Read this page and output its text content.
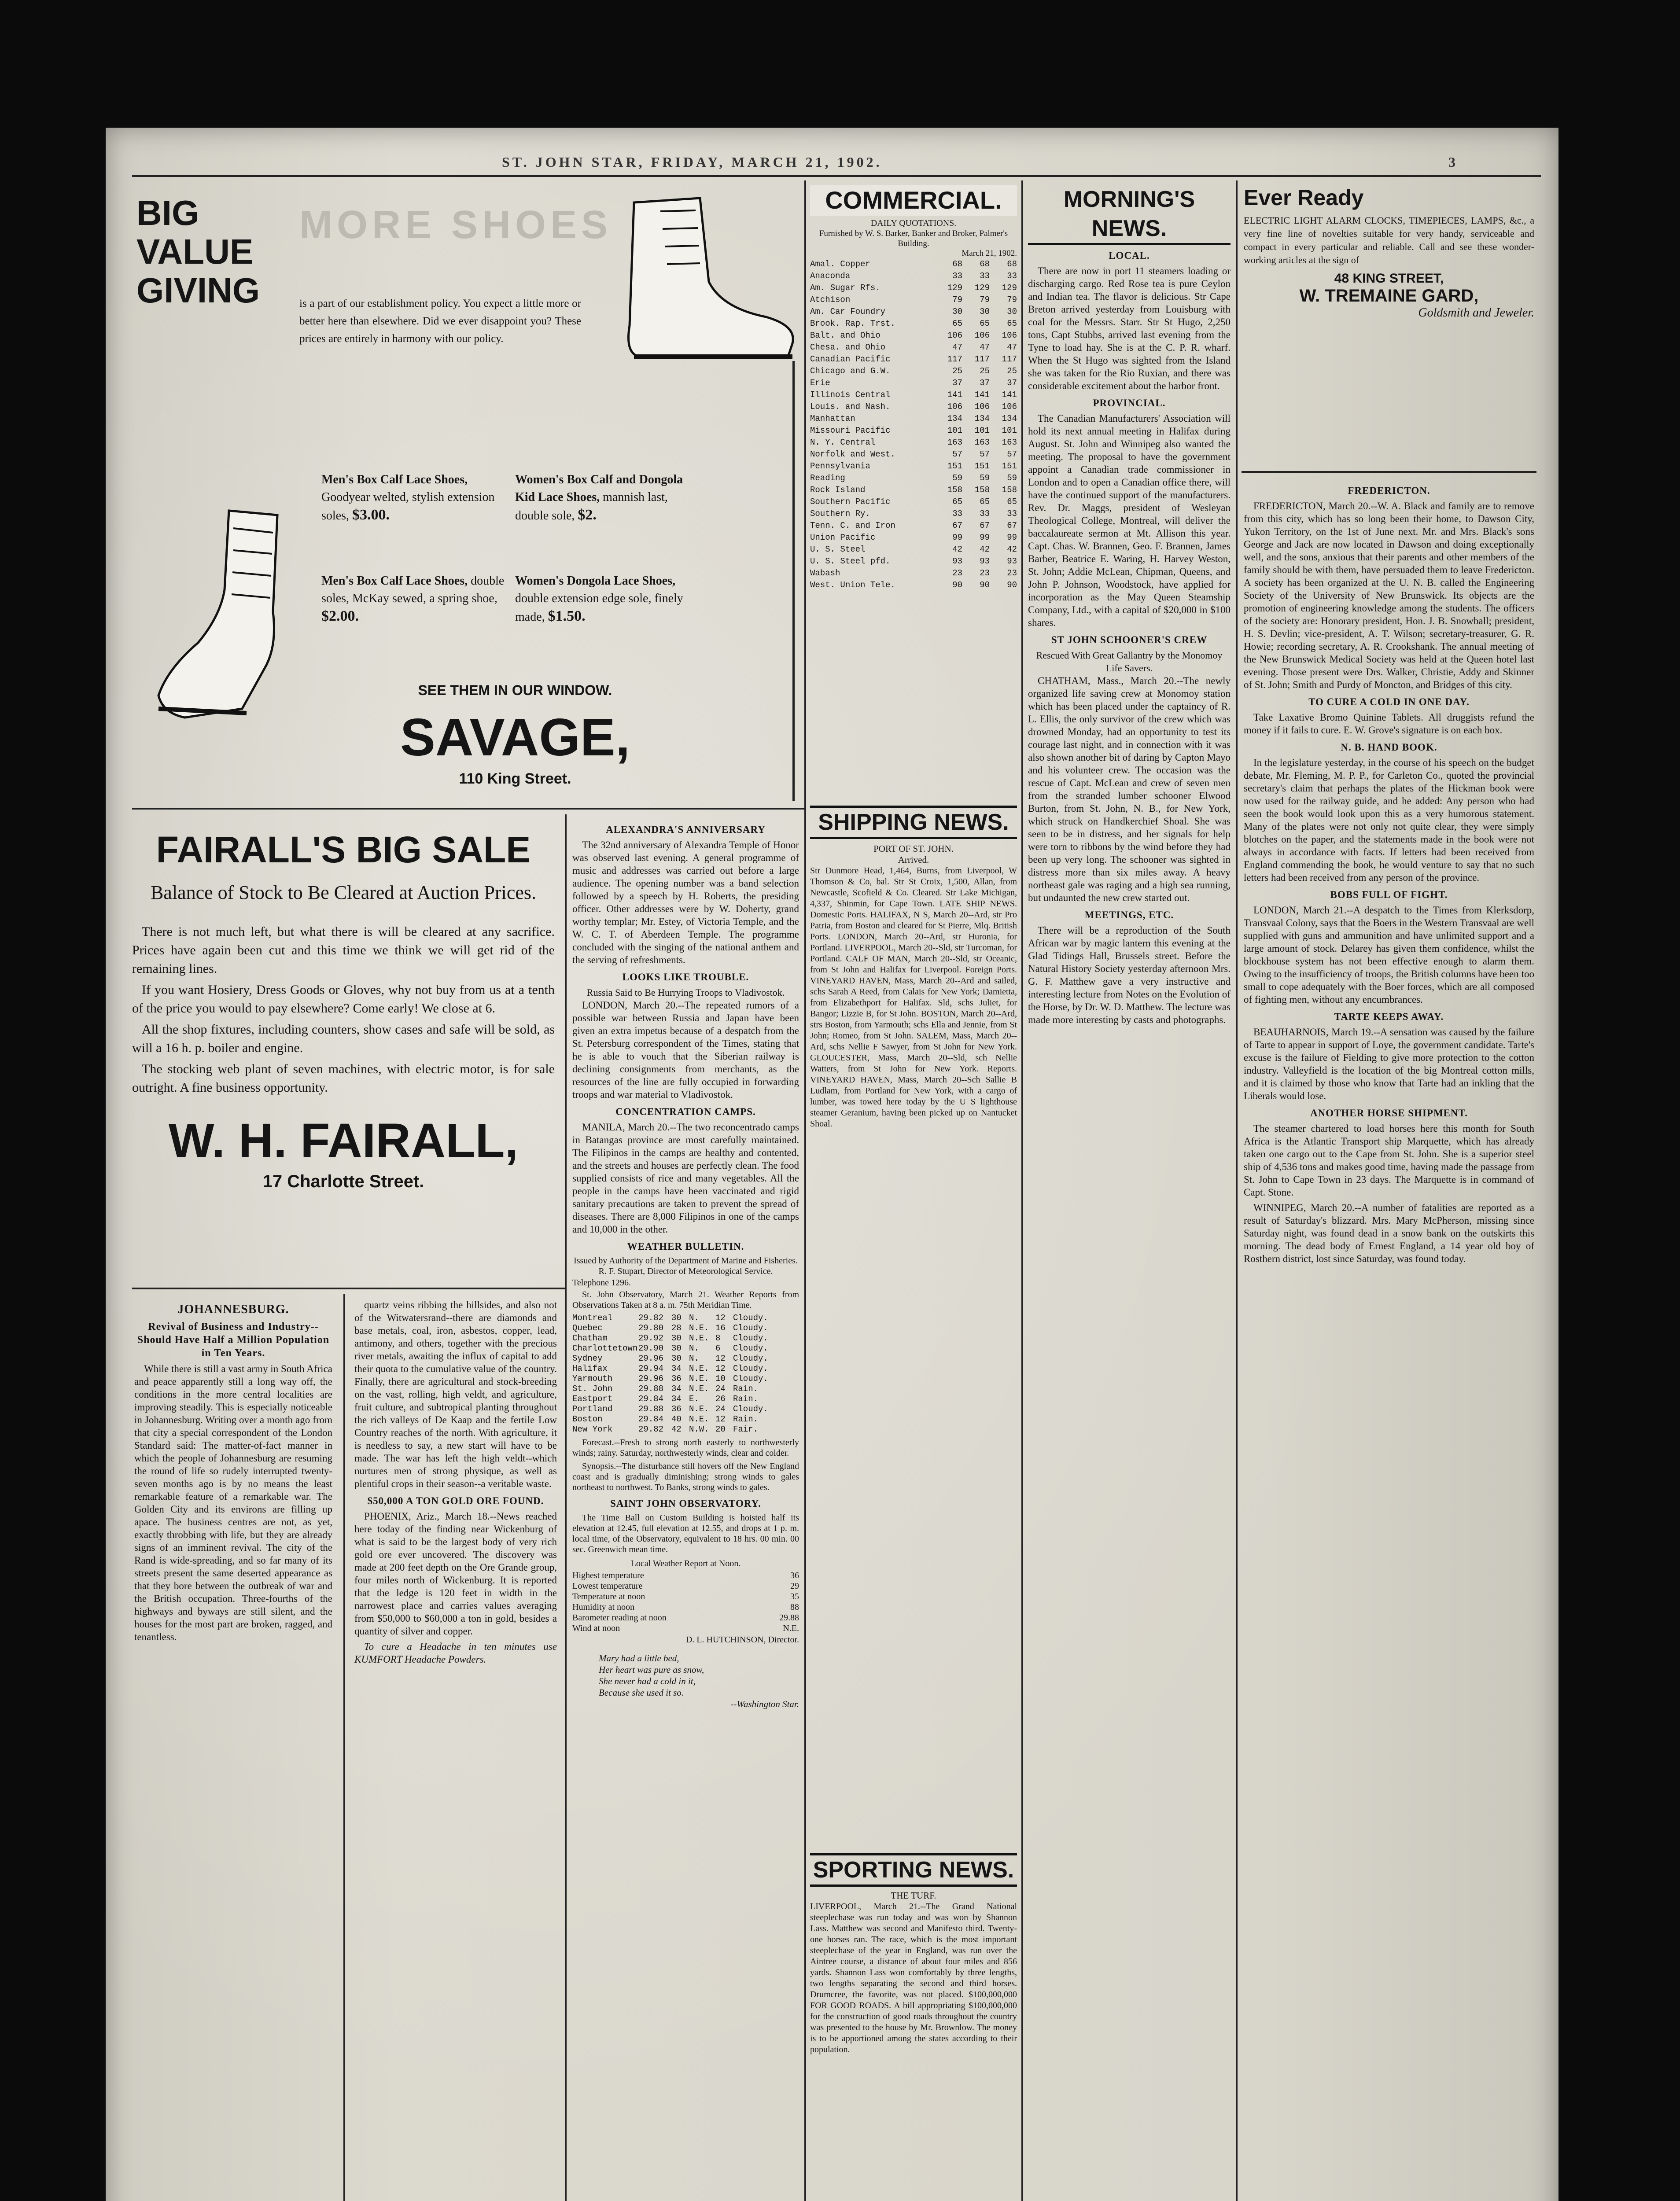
ST. JOHN STAR, FRIDAY, MARCH 21, 1902.	3
BIG
VALUE
GIVING
MORE SHOES
is a part of our establishment policy. You expect a little more or better here than elsewhere. Did we ever disappoint you? These prices are entirely in harmony with our policy.
Men's Box Calf Lace Shoes, Goodyear welted, stylish extension soles, $3.00.
Men's Box Calf Lace Shoes, double soles, McKay sewed, a spring shoe, $2.00.
Women's Box Calf and Dongola Kid Lace Shoes, mannish last, double sole, $2.
Women's Dongola Lace Shoes, double extension edge sole, finely made, $1.50.
SEE THEM IN OUR WINDOW.
SAVAGE,
110 King Street.
FAIRALL'S BIG SALE
Balance of Stock to Be Cleared at Auction Prices.

There is not much left, but what there is will be cleared at any sacrifice. Prices have again been cut and this time we think we will get rid of the remaining lines.

If you want Hosiery, Dress Goods or Gloves, why not buy from us at a tenth of the price you would to pay elsewhere? Come early! We close at 6.

All the shop fixtures, including counters, show cases and safe will be sold, as will a 16 h. p. boiler and engine.

The stocking web plant of seven machines, with electric motor, is for sale outright. A fine business opportunity.

W. H. FAIRALL,
17 Charlotte Street.
JOHANNESBURG.
Revival of Business and Industry--Should Have Half a Million Population in Ten Years.

While there is still a vast army in South Africa and peace apparently still a long way off, the conditions in the more central localities are improving steadily. This is especially noticeable in Johannesburg. Writing over a month ago from that city a special correspondent of the London Standard said: The matter-of-fact manner in which the people of Johannesburg are resuming the round of life so rudely interrupted twenty-seven months ago is by no means the least remarkable feature of a remarkable war. The Golden City and its environs are filling up apace. The business centres are not, as yet, exactly throbbing with life, but they are already signs of an imminent revival. The city of the Rand is wide-spreading, and so far many of its streets present the same deserted appearance as that they bore between the outbreak of war and the British occupation. Three-fourths of the highways and byways are still silent, and the houses for the most part are broken, ragged, and tenantless.

quartz veins ribbing the hillsides, and also not of the Witwatersrand--there are diamonds and base metals, coal, iron, asbestos, copper, lead, antimony, and others, together with the precious river metals, awaiting the influx of capital to add their quota to the cumulative value of the country. Finally, there are agricultural and stock-breeding on the vast, rolling, high veldt, and agriculture, fruit culture, and subtropical planting throughout the rich valleys of De Kaap and the fertile Low Country reaches of the north. With agriculture, it is needless to say, a new start will have to be made. The war has left the high veldt--which nurtures men of strong physique, as well as plentiful crops in their season--a veritable waste.

$50,000 A TON GOLD ORE FOUND.

PHOENIX, Ariz., March 18.--News reached here today of the finding near Wickenburg of what is said to be the largest body of very rich gold ore ever uncovered. The discovery was made at 200 feet depth on the Ore Grande group, four miles north of Wickenburg. It is reported that the ledge is 120 feet in width in the narrowest place and carries values averaging from $50,000 to $60,000 a ton in gold, besides a quantity of silver and copper.

To cure a Headache in ten minutes use KUMFORT Headache Powders.

ALEXANDRA'S ANNIVERSARY

The 32nd anniversary of Alexandra Temple of Honor was observed last evening. A general programme of music and addresses was carried out before a large audience. The opening number was a band selection followed by a speech by H. Roberts, the presiding officer. Other addresses were by W. Doherty, grand worthy templar; Mr. Estey, of Victoria Temple, and the W. C. T. of Aberdeen Temple. The programme concluded with the singing of the national anthem and the serving of refreshments.

LOOKS LIKE TROUBLE.
Russia Said to Be Hurrying Troops to Vladivostok.

LONDON, March 20.--The repeated rumors of a possible war between Russia and Japan have been given an extra impetus because of a despatch from the St. Petersburg correspondent of the Times, stating that he is able to vouch that the Siberian railway is declining consignments from merchants, as the resources of the line are fully occupied in forwarding troops and war material to Vladivostok.

CONCENTRATION CAMPS.

MANILA, March 20.--The two reconcentrado camps in Batangas province are most carefully maintained. The Filipinos in the camps are healthy and contented, and the streets and houses are perfectly clean. The food supplied consists of rice and many vegetables. All the people in the camps have been vaccinated and rigid sanitary precautions are taken to prevent the spread of diseases. There are 8,000 Filipinos in one of the camps and 10,000 in the other.

WEATHER BULLETIN.
Issued by Authority of the Department of Marine and Fisheries.
R. F. Stupart, Director of Meteorological Service.
Telephone 1296.

St. John Observatory, March 21. Weather Reports from Observations Taken at 8 a. m. 75th Meridian Time.

Montreal	29.82 30 N.	12 Cloudy.
Quebec	29.80 28 N.E. 16 Cloudy.
Chatham	29.92 30 N.E. 8	Cloudy.
Charlottetown 29.90 30 N.	6	Cloudy.
Sydney	29.96 30 N.	12 Cloudy.
Halifax	29.94 34 N.E. 12 Cloudy.
Yarmouth	29.96 36 N.E. 10 Cloudy.
St. John	29.88 34 N.E. 24 Rain.
Eastport	29.84 34 E.	26 Rain.
Portland	29.88 36 N.E. 24 Cloudy.
Boston	29.84 40 N.E. 12 Rain.
New York	29.82 42 N.W. 20 Fair.

Forecast.--Fresh to strong north easterly to northwesterly winds; rainy. Saturday, northwesterly winds, clear and colder.

Synopsis.--The disturbance still hovers off the New England coast and is gradually diminishing; strong winds to gales northeast to northwest. To Banks, strong winds to gales.

SAINT JOHN OBSERVATORY.

The Time Ball on Custom Building is hoisted half its elevation at 12.45, full elevation at 12.55, and drops at 1 p. m. local time, of the Observatory, equivalent to 18 hrs. 00 min. 00 sec. Greenwich mean time.

Local Weather Report at Noon.
Highest temperature	36
Lowest temperature	29
Temperature at noon	35
Humidity at noon	88
Barometer reading at noon	29.88
Wind at noon	N.E.
D. L. HUTCHINSON, Director.
Mary had a little bed,
Her heart was pure as snow,
She never had a cold in it,
Because she used it so.
--Washington Star.
COMMERCIAL.
DAILY QUOTATIONS.
Furnished by W. S. Barker, Banker and Broker, Palmer's Building.
March 21, 1902.
Amal. Copper	68	68	68
Anaconda	33	33	33
Am. Sugar Rfs.	129	129	129
Atchison	79	79	79
Am. Car Foundry	30	30	30
Brook. Rap. Trst.	65	65	65
Balt. and Ohio	106	106	106
Chesa. and Ohio	47	47	47
Canadian Pacific	117	117	117
Chicago and G.W.	25	25	25
Erie	37	37	37
Illinois Central	141	141	141
Louis. and Nash.	106	106	106
Manhattan	134	134	134
Missouri Pacific	101	101	101
N. Y. Central	163	163	163
Norfolk and West.	57	57	57
Pennsylvania	151	151	151
Reading	59	59	59
Rock Island	158	158	158
Southern Pacific	65	65	65
Southern Ry.	33	33	33
Tenn. C. and Iron	67	67	67
Union Pacific	99	99	99
U. S. Steel	42	42	42
U. S. Steel pfd.	93	93	93
Wabash	23	23	23
West. Union Tele.	90	90	90
SHIPPING NEWS.
PORT OF ST. JOHN.
Arrived.
Str Dunmore Head, 1,464, Burns, from Liverpool, W Thomson & Co, bal. Str St Croix, 1,500, Allan, from Newcastle, Scofield & Co. Cleared. Str Lake Michigan, 4,337, Shinmin, for Cape Town. LATE SHIP NEWS. Domestic Ports. HALIFAX, N S, March 20--Ard, str Pro Patria, from Boston and cleared for St Pierre, Mlq. British Ports. LONDON, March 20--Ard, str Huronia, for Portland. LIVERPOOL, March 20--Sld, str Turcoman, for Portland. CALF OF MAN, March 20--Sld, str Oceanic, from St John and Halifax for Liverpool. Foreign Ports. VINEYARD HAVEN, Mass, March 20--Ard and sailed, schs Sarah A Reed, from Calais for New York; Damietta, from Elizabethport for Halifax. Sld, schs Juliet, for Bangor; Lizzie B, for St John. BOSTON, March 20--Ard, strs Boston, from Yarmouth; schs Ella and Jennie, from St John; Romeo, from St John. SALEM, Mass, March 20--Ard, schs Nellie F Sawyer, from St John for New York. GLOUCESTER, Mass, March 20--Sld, sch Nellie Watters, from St John for New York. Reports. VINEYARD HAVEN, Mass, March 20--Sch Sallie B Ludlam, from Portland for New York, with a cargo of lumber, was towed here today by the U S lighthouse steamer Geranium, having been picked up on Nantucket Shoal.
SPORTING NEWS.
THE TURF.
LIVERPOOL, March 21.--The Grand National steeplechase was run today and was won by Shannon Lass. Matthew was second and Manifesto third. Twenty-one horses ran. The race, which is the most important steeplechase of the year in England, was run over the Aintree course, a distance of about four miles and 856 yards. Shannon Lass won comfortably by three lengths, two lengths separating the second and third horses. Drumcree, the favorite, was not placed. $100,000,000 FOR GOOD ROADS. A bill appropriating $100,000,000 for the construction of good roads throughout the country was presented to the house by Mr. Brownlow. The money is to be apportioned among the states according to their population.
MORNING'S NEWS.
LOCAL.

There are now in port 11 steamers loading or discharging cargo. Red Rose tea is pure Ceylon and Indian tea. The flavor is delicious. Str Cape Breton arrived yesterday from Louisburg with coal for the Messrs. Starr. Str St Hugo, 2,250 tons, Capt Stubbs, arrived last evening from the Tyne to load hay. She is at the C. P. R. wharf. When the St Hugo was sighted from the Island she was taken for the Rio Ruxian, and there was considerable excitement about the harbor front.

PROVINCIAL.

The Canadian Manufacturers' Association will hold its next annual meeting in Halifax during August. St. John and Winnipeg also wanted the meeting. The proposal to have the government appoint a Canadian trade commissioner in London and to open a Canadian office there, will have the continued support of the manufacturers. Rev. Dr. Maggs, president of Wesleyan Theological College, Montreal, will deliver the baccalaureate sermon at Mt. Allison this year. Capt. Chas. W. Brannen, Geo. F. Brannen, James Barber, Beatrice E. Waring, H. Harvey Weston, St. John; Addie McLean, Chipman, Queens, and John P. Johnson, Woodstock, have applied for incorporation as the May Queen Steamship Company, Ltd., with a capital of $20,000 in $100 shares.

ST JOHN SCHOONER'S CREW
Rescued With Great Gallantry by the Monomoy Life Savers.

CHATHAM, Mass., March 20.--The newly organized life saving crew at Monomoy station which has been placed under the captaincy of R. L. Ellis, the only survivor of the crew which was drowned Monday, had an opportunity to test its courage last night, and in connection with it was also shown another bit of daring by Capton Mayo and his volunteer crew. The occasion was the rescue of Capt. McLean and crew of seven men from the stranded lumber schooner Elwood Burton, from St. John, N. B., for New York, which struck on Handkerchief Shoal. She was seen to be in distress, and her signals for help were torn to ribbons by the wind before they had been up very long. The schooner was sighted in distress more than six miles away. A heavy northeast gale was raging and a high sea running, but undaunted the new crew started out.

MEETINGS, ETC.

There will be a reproduction of the South African war by magic lantern this evening at the Glad Tidings Hall, Brussels street. Before the Natural History Society yesterday afternoon Mrs. G. F. Matthew gave a very instructive and interesting lecture from Notes on the Evolution of the Horse, by Dr. W. D. Matthew. The lecture was made more interesting by casts and photographs.

Ever Ready
ELECTRIC LIGHT ALARM CLOCKS, TIMEPIECES, LAMPS, &c., a very fine line of novelties suitable for very handy, serviceable and compact in every particular and reliable. Call and see these wonder-working articles at the sign of
48 KING STREET,
W. TREMAINE GARD,
Goldsmith and Jeweler.
FREDERICTON.

FREDERICTON, March 20.--W. A. Black and family are to remove from this city, which has so long been their home, to Dawson City, Yukon Territory, on the 1st of June next. Mr. and Mrs. Black's sons George and Jack are now located in Dawson and doing exceptionally well, and the sons, anxious that their parents and other members of the family should be with them, have persuaded them to leave Fredericton. A society has been organized at the U. N. B. called the Engineering Society of the University of New Brunswick. Its objects are the promotion of engineering knowledge among the students. The officers of the society are: Honorary president, Hon. J. B. Snowball; president, H. S. Devlin; vice-president, A. T. Wilson; secretary-treasurer, G. R. Howie; recording secretary, A. R. Crookshank. The annual meeting of the New Brunswick Medical Society was held at the Queen hotel last evening. Those present were Drs. Walker, Christie, Addy and Skinner of St. John; Smith and Purdy of Moncton, and Bridges of this city.

TO CURE A COLD IN ONE DAY.

Take Laxative Bromo Quinine Tablets. All druggists refund the money if it fails to cure. E. W. Grove's signature is on each box.

N. B. HAND BOOK.

In the legislature yesterday, in the course of his speech on the budget debate, Mr. Fleming, M. P. P., for Carleton Co., quoted the provincial secretary's claim that perhaps the plates of the Hickman book were now used for the railway guide, and he added: Any person who had seen the book would look upon this as a very humorous statement. Many of the plates were not only not quite clear, they were simply blotches on the paper, and the statements made in the book were not always in accordance with facts. If letters had been received from England commending the book, he would venture to say that no such letters had been received from any person of the province.

BOBS FULL OF FIGHT.

LONDON, March 21.--A despatch to the Times from Klerksdorp, Transvaal Colony, says that the Boers in the Western Transvaal are well supplied with guns and ammunition and have unlimited support and a large amount of stock. Delarey has given them confidence, whilst the blockhouse system has not been effective enough to alarm them. Owing to the insufficiency of troops, the British columns have been too small to cope adequately with the Boer forces, which are all composed of fighting men, without any encumbrances.

TARTE KEEPS AWAY.

BEAUHARNOIS, March 19.--A sensation was caused by the failure of Tarte to appear in support of Loye, the government candidate. Tarte's excuse is the failure of Fielding to give more protection to the cotton industry. Valleyfield is the location of the big Montreal cotton mills, and it is claimed by those who know that Tarte had an inkling that the Liberals would lose.

ANOTHER HORSE SHIPMENT.

The steamer chartered to load horses here this month for South Africa is the Atlantic Transport ship Marquette, which has already taken one cargo out to the Cape from St. John. She is a superior steel ship of 4,536 tons and makes good time, having made the passage from St. John to Cape Town in 23 days. The Marquette is in command of Capt. Stone.

WINNIPEG, March 20.--A number of fatalities are reported as a result of Saturday's blizzard. Mrs. Mary McPherson, missing since Saturday night, was found dead in a snow bank on the outskirts this morning. The dead body of Ernest England, a 14 year old boy of Rosthern district, lost since Saturday, was found today.
